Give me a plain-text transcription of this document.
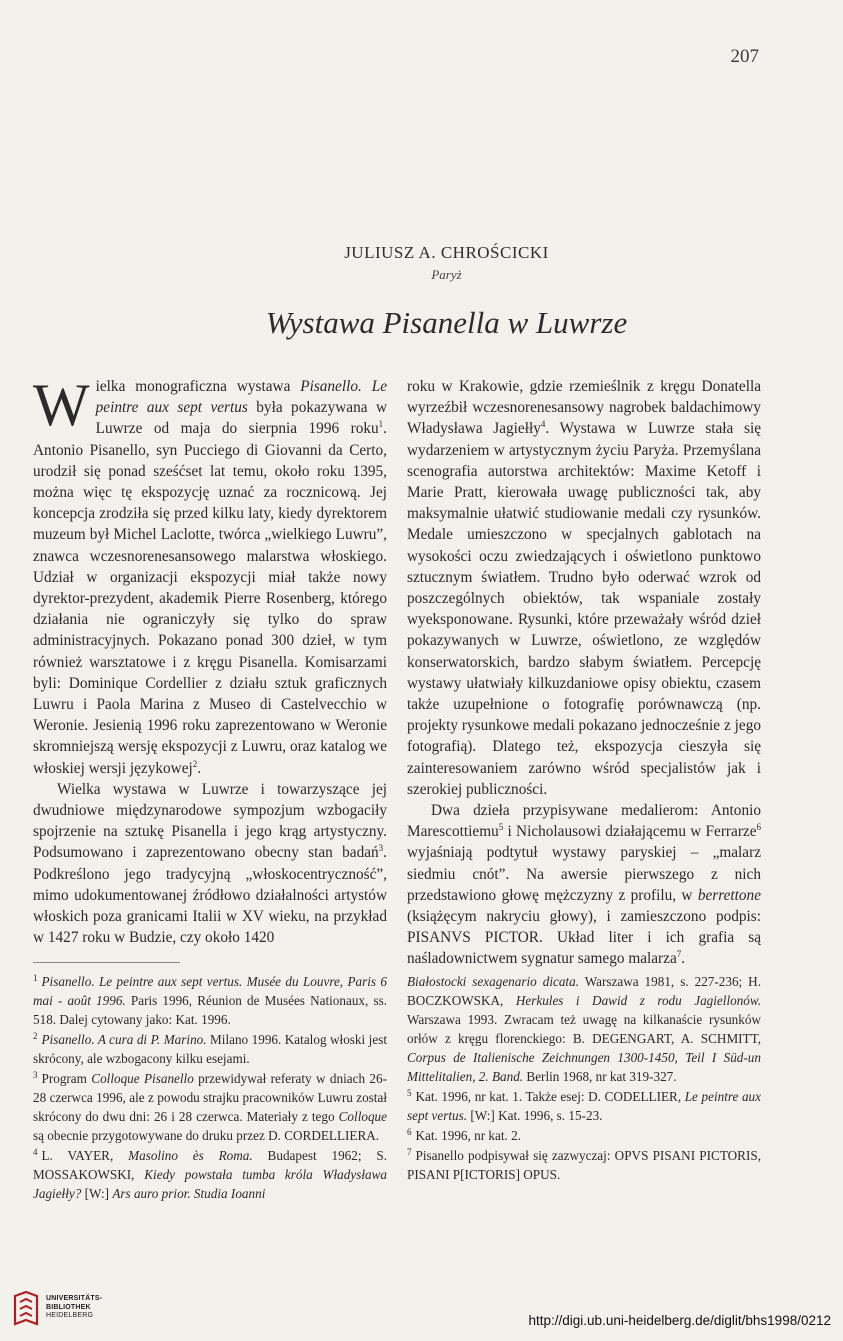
207
JULIUSZ A. CHROŚCICKI
Paryż
Wystawa Pisanella w Luwrze

Wielka monograficzna wystawa Pisanello. Le peintre aux sept vertus była pokazywana w Luwrze od maja do sierpnia 1996 roku$^1$. Antonio Pisanello, syn Pucciego di Giovanni da Certo, urodził się ponad sześćset lat temu, około roku 1395, można więc tę ekspozycję uznać za rocznicową. Jej koncepcja zrodziła się przed kilku laty, kiedy dyrektorem muzeum był Michel Laclotte, twórca „wielkiego Luwru”, znawca wczesnorenesansowego malarstwa włoskiego. Udział w organizacji ekspozycji miał także nowy dyrektor-prezydent, akademik Pierre Rosenberg, którego działania nie ograniczyły się tylko do spraw administracyjnych. Pokazano ponad 300 dzieł, w tym również warsztatowe i z kręgu Pisanella. Komisarzami byli: Dominique Cordellier z działu sztuk graficznych Luwru i Paola Marina z Museo di Castelvecchio w Weronie. Jesienią 1996 roku zaprezentowano w Weronie skromniejszą wersję ekspozycji z Luwru, oraz katalog we włoskiej wersji językowej$^2$.

Wielka wystawa w Luwrze i towarzyszące jej dwudniowe międzynarodowe sympozjum wzbogaciły spojrzenie na sztukę Pisanella i jego krąg artystyczny. Podsumowano i zaprezentowano obecny stan badań$^3$. Podkreślono jego tradycyjną „włoskocentryczność”, mimo udokumentowanej źródłowo działalności artystów włoskich poza granicami Italii w XV wieku, na przykład w 1427 roku w Budzie, czy około 1420

roku w Krakowie, gdzie rzemieślnik z kręgu Donatella wyrzeźbił wczesnorenesansowy nagrobek baldachimowy Władysława Jagiełły$^4$. Wystawa w Luwrze stała się wydarzeniem w artystycznym życiu Paryża. Przemyślana scenografia autorstwa architektów: Maxime Ketoff i Marie Pratt, kierowała uwagę publiczności tak, aby maksymalnie ułatwić studiowanie medali czy rysunków. Medale umieszczono w specjalnych gablotach na wysokości oczu zwiedzających i oświetlono punktowo sztucznym światłem. Trudno było oderwać wzrok od poszczególnych obiektów, tak wspaniale zostały wyeksponowane. Rysunki, które przeważały wśród dzieł pokazywanych w Luwrze, oświetlono, ze względów konserwatorskich, bardzo słabym światłem. Percepcję wystawy ułatwiały kilkuzdaniowe opisy obiektu, czasem także uzupełnione o fotografię porównawczą (np. projekty rysunkowe medali pokazano jednocześnie z jego fotografią). Dlatego też, ekspozycja cieszyła się zainteresowaniem zarówno wśród specjalistów jak i szerokiej publiczności.

Dwa dzieła przypisywane medalierom: Antonio Marescottiemu$^5$ i Nicholausowi działającemu w Ferrarze$^6$ wyjaśniają podtytuł wystawy paryskiej – „malarz siedmiu cnót”. Na awersie pierwszego z nich przedstawiono głowę mężczyzny z profilu, w berrettone (książęcym nakryciu głowy), i zamieszczono podpis: PISANVS PICTOR. Układ liter i ich grafia są naśladownictwem sygnatur samego malarza$^7$.

$^1$ Pisanello. Le peintre aux sept vertus. Musée du Louvre, Paris 6 mai - août 1996. Paris 1996, Réunion de Musées Nationaux, ss. 518. Dalej cytowany jako: Kat. 1996.

$^2$ Pisanello. A cura di P. Marino. Milano 1996. Katalog włoski jest skrócony, ale wzbogacony kilku esejami.

$^3$ Program Colloque Pisanello przewidywał referaty w dniach 26-28 czerwca 1996, ale z powodu strajku pracowników Luwru został skrócony do dwu dni: 26 i 28 czerwca. Materiały z tego Colloque są obecnie przygotowywane do druku przez D. CORDELLIERA.

$^4$ L. VAYER, Masolino ès Roma. Budapest 1962; S. MOSSAKOWSKI, Kiedy powstała tumba króla Władysława Jagiełły? [W:] Ars auro prior. Studia Ioanni

Białostocki sexagenario dicata. Warszawa 1981, s. 227-236; H. BOCZKOWSKA, Herkules i Dawid z rodu Jagiellonów. Warszawa 1993. Zwracam też uwagę na kilkanaście rysunków orłów z kręgu florenckiego: B. DEGENGART, A. SCHMITT, Corpus de Italienische Zeichnungen 1300-1450, Teil I Süd-un Mittelitalien, 2. Band. Berlin 1968, nr kat 319-327.

$^5$ Kat. 1996, nr kat. 1. Także esej: D. CODELLIER, Le peintre aux sept vertus. [W:] Kat. 1996, s. 15-23.

$^6$ Kat. 1996, nr kat. 2.

$^7$ Pisanello podpisywał się zazwyczaj: OPVS PISANI PICTORIS, PISANI P[ICTORIS] OPUS.

UNIVERSITÄTS-
BIBLIOTHEK
HEIDELBERG	http://digi.ub.uni-heidelberg.de/diglit/bhs1998/0212
